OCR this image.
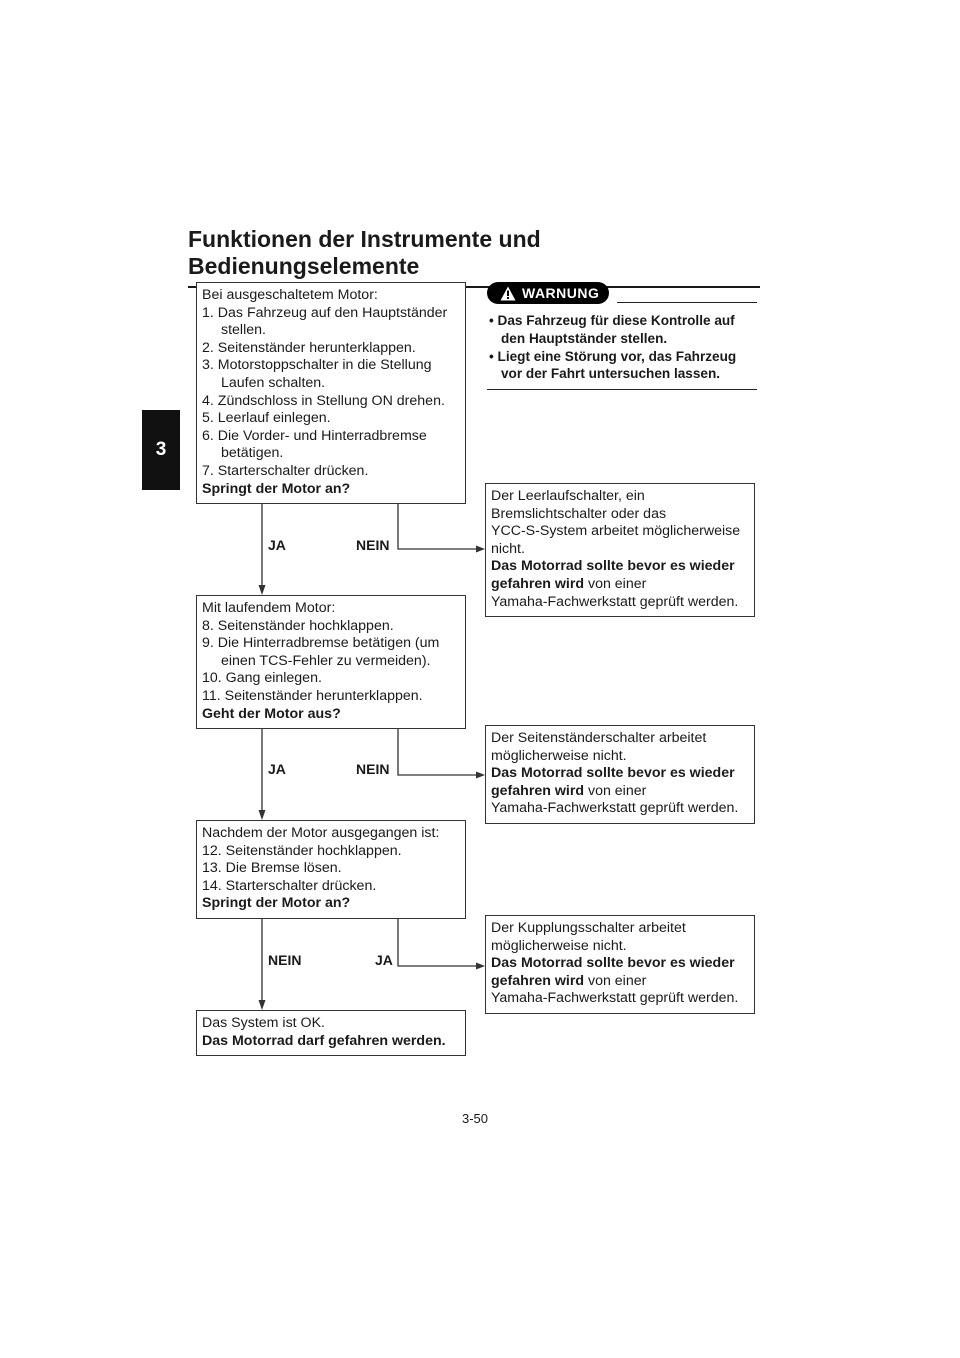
Funktionen der Instrumente und Bedienungselemente
3
WARNUNG
• Das Fahrzeug für diese Kontrolle auf den Hauptständer stellen.
• Liegt eine Störung vor, das Fahrzeug vor der Fahrt untersuchen lassen.
Bei ausgeschaltetem Motor:
1. Das Fahrzeug auf den Hauptständer
stellen.
2. Seitenständer herunterklappen.
3. Motorstoppschalter in die Stellung
Laufen schalten.
4. Zündschloss in Stellung ON drehen.
5. Leerlauf einlegen.
6. Die Vorder- und Hinterradbremse
betätigen.
7. Starterschalter drücken.
Springt der Motor an?	Der Leerlaufschalter, ein
Bremslichtschalter oder das
YCC-S-System arbeitet möglicherweise
nicht.
Das Motorrad sollte bevor es wieder
gefahren wird von einer
Yamaha-Fachwerkstatt geprüft werden.
JA	NEIN
Mit laufendem Motor:
8. Seitenständer hochklappen.
9. Die Hinterradbremse betätigen (um
einen TCS-Fehler zu vermeiden).
10. Gang einlegen.
11. Seitenständer herunterklappen.
Geht der Motor aus?
Der Seitenständerschalter arbeitet
möglicherweise nicht.
Das Motorrad sollte bevor es wieder
gefahren wird von einer
Yamaha-Fachwerkstatt geprüft werden.
JA	NEIN
Nachdem der Motor ausgegangen ist:
12. Seitenständer hochklappen.
13. Die Bremse lösen.
14. Starterschalter drücken.
Springt der Motor an?
Der Kupplungsschalter arbeitet
möglicherweise nicht.
Das Motorrad sollte bevor es wieder
gefahren wird von einer
Yamaha-Fachwerkstatt geprüft werden.
NEIN	JA
Das System ist OK.
Das Motorrad darf gefahren werden.
3-50
